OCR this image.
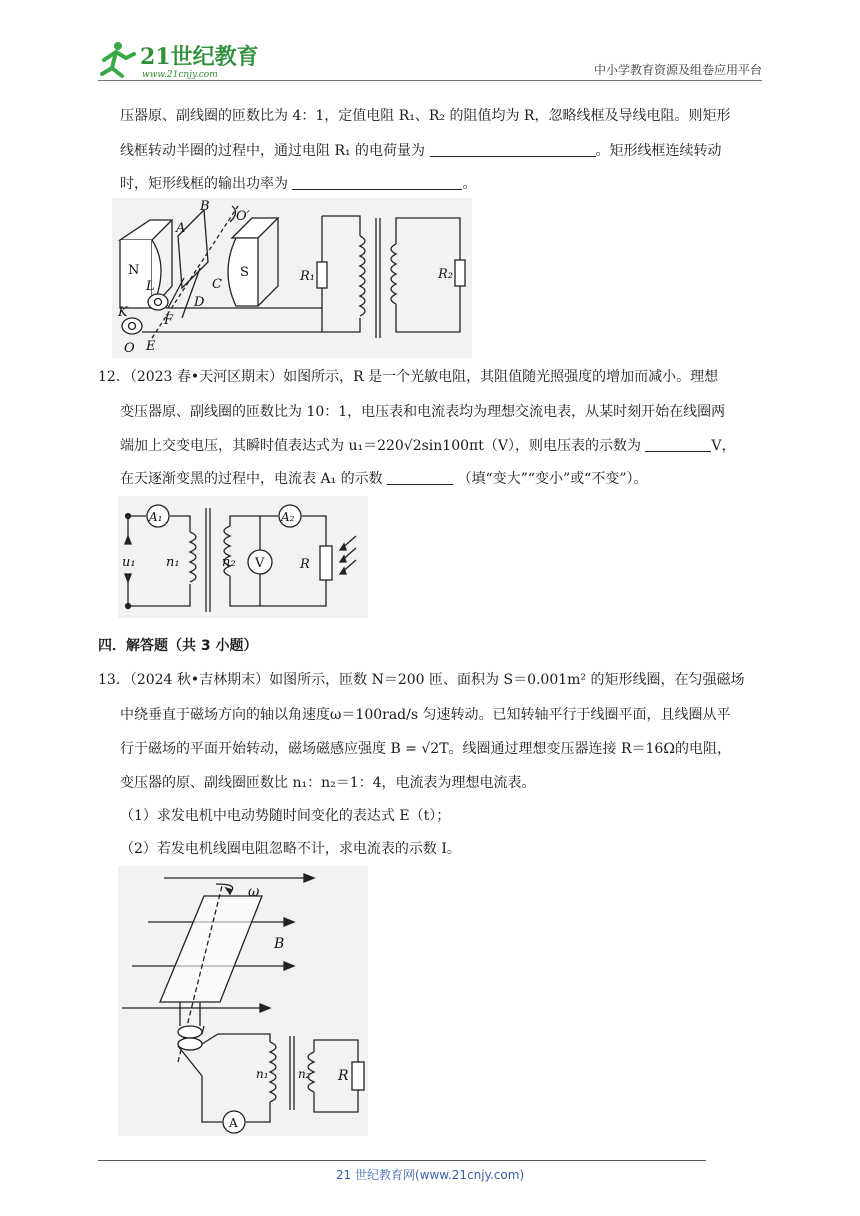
21世纪教育
www.21cnjy.com	中小学教育资源及组卷应用平台
压器原、副线圈的匝数比为 4：1，定值电阻 R₁、R₂ 的阻值均为 R，忽略线框及导线电阻。则矩形
线框转动半圈的过程中，通过电阻 R₁ 的电荷量为	。矩形线框连续转动
时，矩形线框的输出功率为	。
N	S
A
B
C
D
F
E
K
L
O
O′
R₁	R₂
12．（2023 春•天河区期末）如图所示，R 是一个光敏电阻，其阻值随光照强度的增加而减小。理想
变压器原、副线圈的匝数比为 10：1，电压表和电流表均为理想交流电表，从某时刻开始在线圈两
端加上交变电压，其瞬时值表达式为 u₁＝220√2sin100πt（V），则电压表的示数为	V，
在天逐渐变黑的过程中，电流表 A₁ 的示数	（填“变大”“变小”或“不变”）。
A₁	A₂
u₁ n₁	n₂ V	R
四．解答题（共 3 小题）
13．（2024 秋•吉林期末）如图所示，匝数 N＝200 匝、面积为 S＝0.001m² 的矩形线圈，在匀强磁场
中绕垂直于磁场方向的轴以角速度ω＝100rad/s 匀速转动。已知转轴平行于线圈平面，且线圈从平
行于磁场的平面开始转动，磁场磁感应强度 B = √2T。线圈通过理想变压器连接 R＝16Ω的电阻，
变压器的原、副线圈匝数比 n₁：n₂＝1：4，电流表为理想电流表。
（1）求发电机中电动势随时间变化的表达式 E（t）；
（2）若发电机线圈电阻忽略不计，求电流表的示数 I。
ω
B
n₁ n₂ R
A
21 世纪教育网(www.21cnjy.com)
